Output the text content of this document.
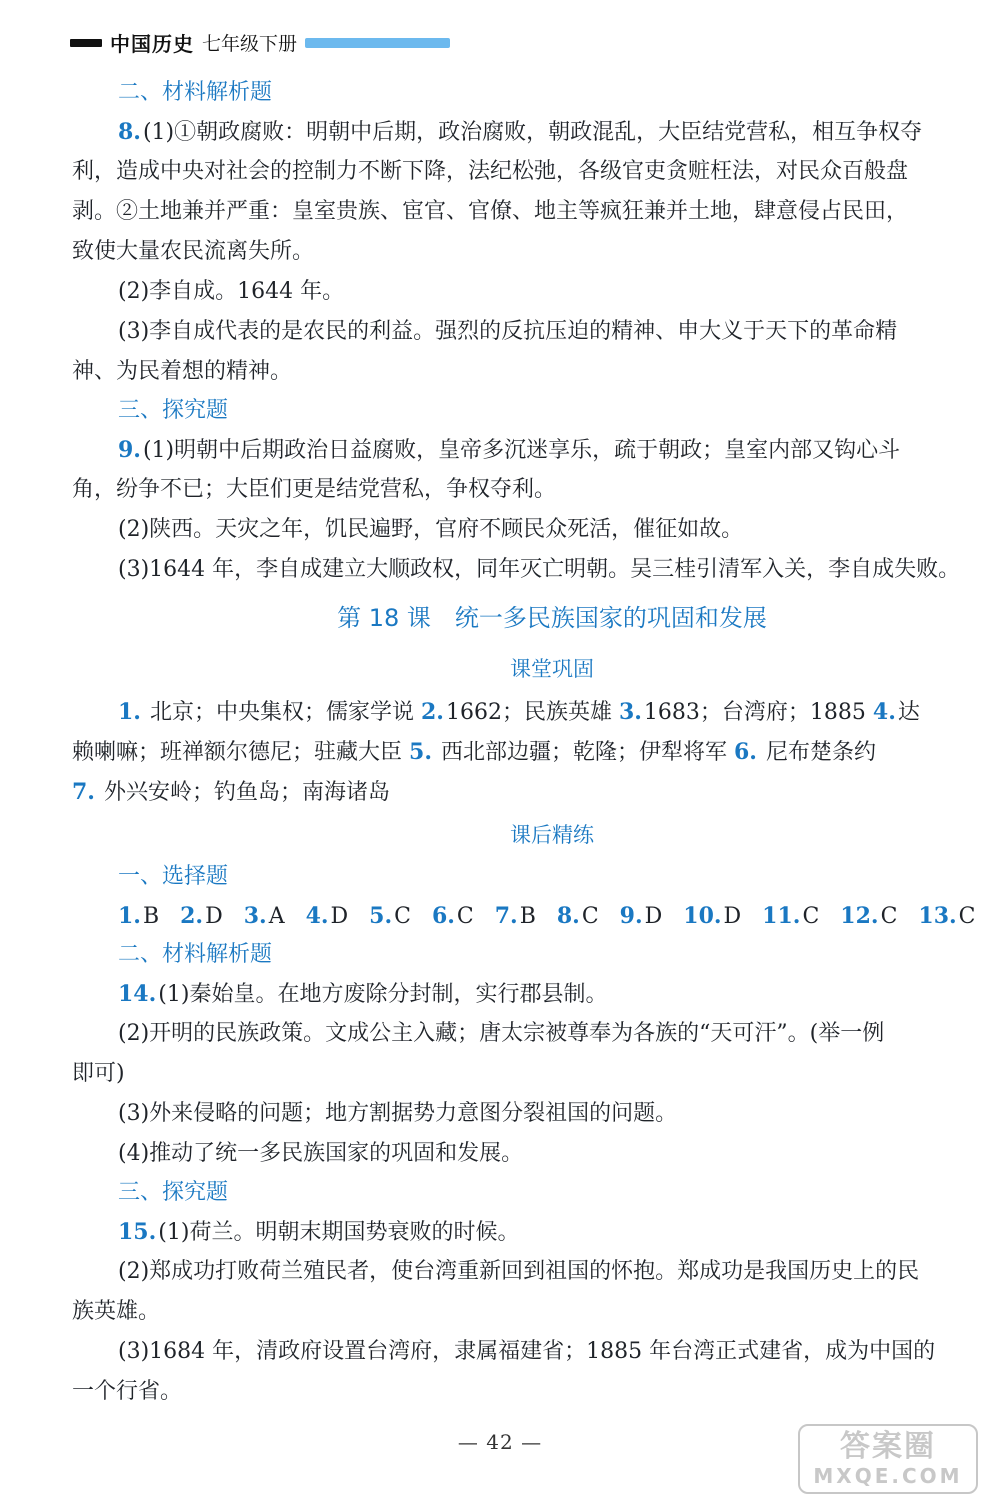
中国历史 七年级下册
二、材料解析题
8.(1)①朝政腐败：明朝中后期，政治腐败，朝政混乱，大臣结党营私，相互争权夺
利，造成中央对社会的控制力不断下降，法纪松弛，各级官吏贪赃枉法，对民众百般盘
剥。②土地兼并严重：皇室贵族、宦官、官僚、地主等疯狂兼并土地，肆意侵占民田，
致使大量农民流离失所。
(2)李自成。1644 年。
(3)李自成代表的是农民的利益。强烈的反抗压迫的精神、申大义于天下的革命精
神、为民着想的精神。
三、探究题
9.(1)明朝中后期政治日益腐败，皇帝多沉迷享乐，疏于朝政；皇室内部又钩心斗
角，纷争不已；大臣们更是结党营私，争权夺利。
(2)陕西。天灾之年，饥民遍野，官府不顾民众死活，催征如故。
(3)1644 年，李自成建立大顺政权，同年灭亡明朝。吴三桂引清军入关，李自成失败。
第 18 课　统一多民族国家的巩固和发展
课堂巩固
1. 北京；中央集权；儒家学说 2.1662；民族英雄 3.1683；台湾府；1885 4.达
赖喇嘛；班禅额尔德尼；驻藏大臣 5. 西北部边疆；乾隆；伊犁将军 6. 尼布楚条约
7. 外兴安岭；钓鱼岛；南海诸岛
课后精练
一、选择题
1.B 2.D 3.A 4.D 5.C 6.C 7.B 8.C 9.D 10.D 11.C 12.C 13.C
二、材料解析题
14.(1)秦始皇。在地方废除分封制，实行郡县制。
(2)开明的民族政策。文成公主入藏；唐太宗被尊奉为各族的“天可汗”。(举一例
即可)
(3)外来侵略的问题；地方割据势力意图分裂祖国的问题。
(4)推动了统一多民族国家的巩固和发展。
三、探究题
15.(1)荷兰。明朝末期国势衰败的时候。
(2)郑成功打败荷兰殖民者，使台湾重新回到祖国的怀抱。郑成功是我国历史上的民
族英雄。
(3)1684 年，清政府设置台湾府，隶属福建省；1885 年台湾正式建省，成为中国的
一个行省。
— 42 —	答案圈
MXQE.COM
